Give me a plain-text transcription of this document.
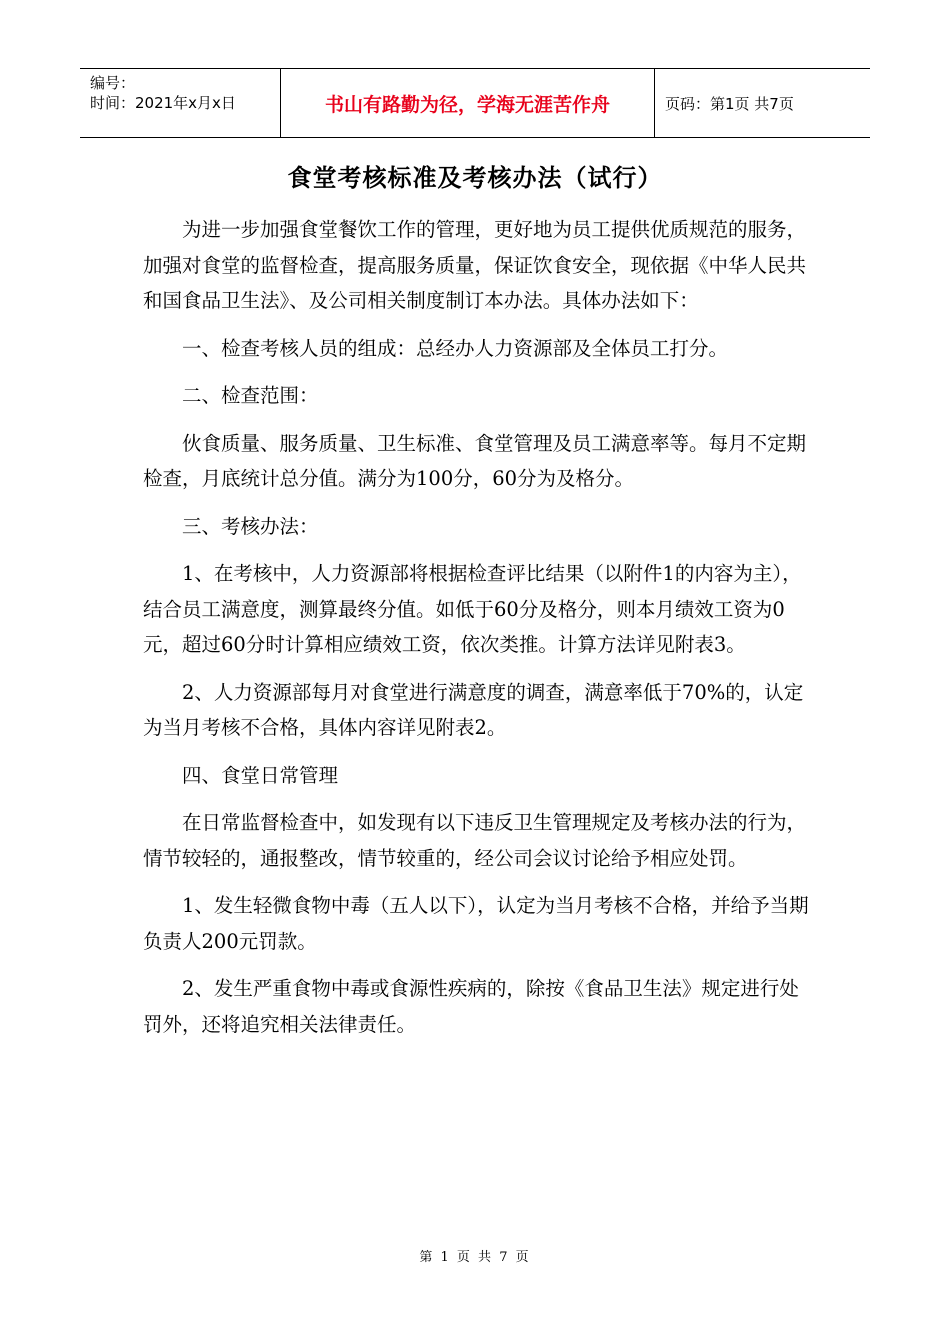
编号：
时间：2021年x月x日	书山有路勤为径，学海无涯苦作舟	页码：第1页 共7页
食堂考核标准及考核办法（试行）

为进一步加强食堂餐饮工作的管理，更好地为员工提供优质规范的服务，加强对食堂的监督检查，提高服务质量，保证饮食安全，现依据《中华人民共和国食品卫生法》、及公司相关制度制订本办法。具体办法如下：

一、检查考核人员的组成：总经办人力资源部及全体员工打分。

二、检查范围：

伙食质量、服务质量、卫生标准、食堂管理及员工满意率等。每月不定期检查，月底统计总分值。满分为100分，60分为及格分。

三、考核办法：

1、在考核中，人力资源部将根据检查评比结果（以附件1的内容为主），结合员工满意度，测算最终分值。如低于60分及格分，则本月绩效工资为0元，超过60分时计算相应绩效工资，依次类推。计算方法详见附表3。

2、人力资源部每月对食堂进行满意度的调查，满意率低于70%的，认定为当月考核不合格，具体内容详见附表2。

四、食堂日常管理

在日常监督检查中，如发现有以下违反卫生管理规定及考核办法的行为，情节较轻的，通报整改，情节较重的，经公司会议讨论给予相应处罚。

1、发生轻微食物中毒（五人以下），认定为当月考核不合格，并给予当期负责人200元罚款。

2、发生严重食物中毒或食源性疾病的，除按《食品卫生法》规定进行处罚外，还将追究相关法律责任。

第 1 页 共 7 页
